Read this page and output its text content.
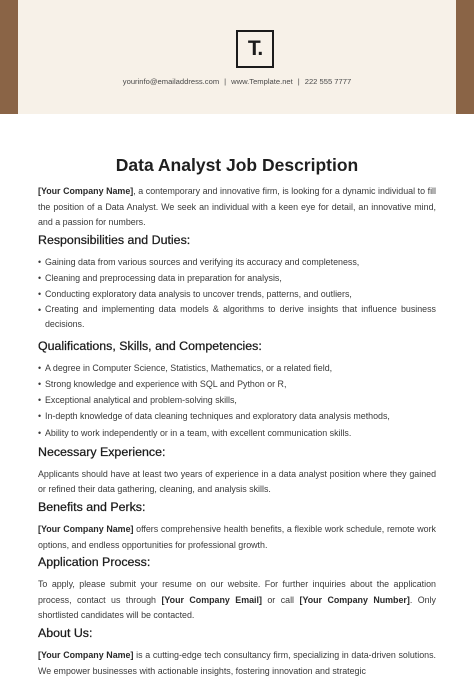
T.
yourinfo@emailaddress.com | www.Template.net | 222 555 7777
Data Analyst Job Description

[Your Company Name], a contemporary and innovative firm, is looking for a dynamic individual to fill the position of a Data Analyst. We seek an individual with a keen eye for detail, an innovative mind, and a passion for numbers.

Responsibilities and Duties:
• Gaining data from various sources and verifying its accuracy and completeness,
• Cleaning and preprocessing data in preparation for analysis,
• Conducting exploratory data analysis to uncover trends, patterns, and outliers,
• Creating and implementing data models & algorithms to derive insights that influence business decisions.
Qualifications, Skills, and Competencies:
• A degree in Computer Science, Statistics, Mathematics, or a related field,
• Strong knowledge and experience with SQL and Python or R,
• Exceptional analytical and problem-solving skills,
• In-depth knowledge of data cleaning techniques and exploratory data analysis methods,
• Ability to work independently or in a team, with excellent communication skills.
Necessary Experience:

Applicants should have at least two years of experience in a data analyst position where they gained or refined their data gathering, cleaning, and analysis skills.

Benefits and Perks:

[Your Company Name] offers comprehensive health benefits, a flexible work schedule, remote work options, and endless opportunities for professional growth.

Application Process:

To apply, please submit your resume on our website. For further inquiries about the application process, contact us through [Your Company Email] or call [Your Company Number]. Only shortlisted candidates will be contacted.

About Us:

[Your Company Name] is a cutting-edge tech consultancy firm, specializing in data-driven solutions. We empower businesses with actionable insights, fostering innovation and strategic
